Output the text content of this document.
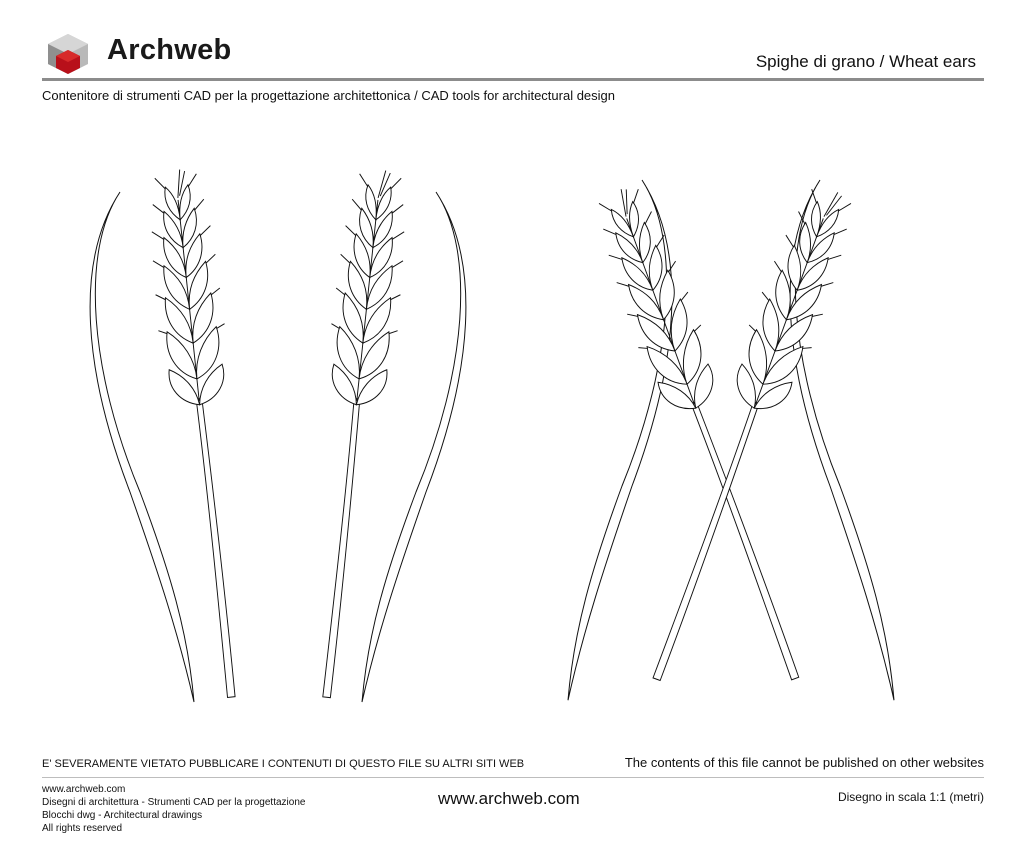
Archweb	Spighe di grano / Wheat ears
Contenitore di strumenti CAD per la progettazione architettonica / CAD tools for architectural design
E' SEVERAMENTE VIETATO PUBBLICARE I CONTENUTI DI QUESTO FILE SU ALTRI SITI WEB	The contents of this file cannot be published on other websites
www.archweb.com
Disegni di architettura - Strumenti CAD per la progettazione
Blocchi dwg - Architectural drawings
All rights reserved
www.archweb.com	Disegno in scala 1:1 (metri)
